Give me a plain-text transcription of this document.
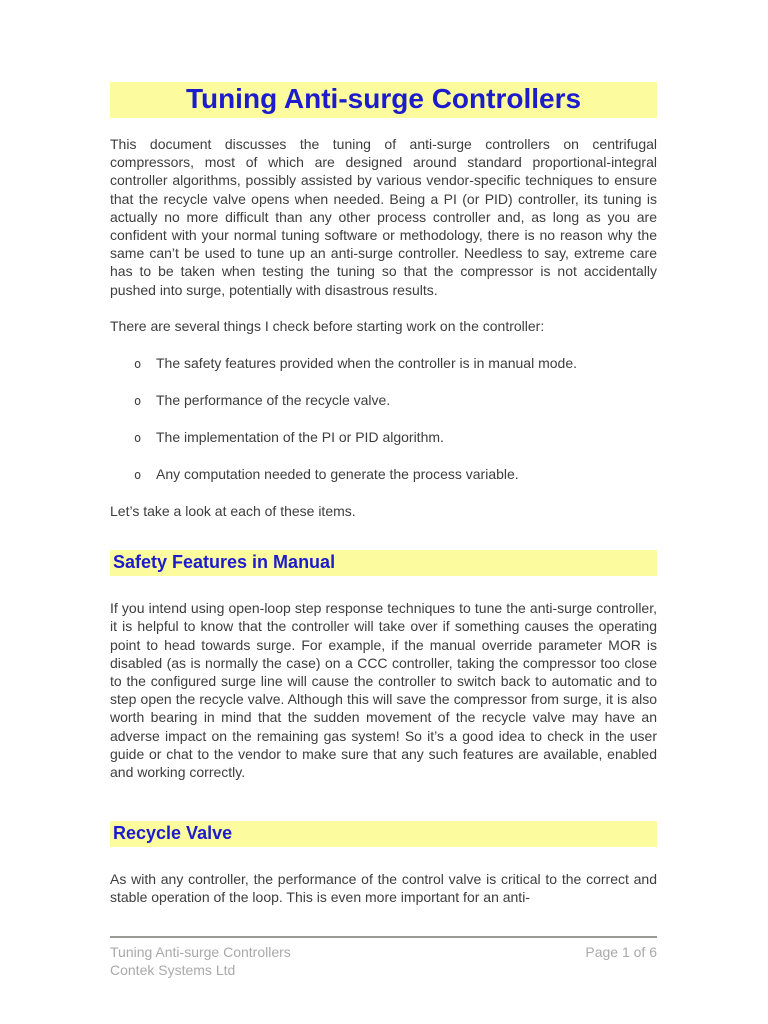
Tuning Anti-surge Controllers

This document discusses the tuning of anti-surge controllers on centrifugal compressors, most of which are designed around standard proportional-integral controller algorithms, possibly assisted by various vendor-specific techniques to ensure that the recycle valve opens when needed. Being a PI (or PID) controller, its tuning is actually no more difficult than any other process controller and, as long as you are confident with your normal tuning software or methodology, there is no reason why the same can’t be used to tune up an anti-surge controller. Needless to say, extreme care has to be taken when testing the tuning so that the compressor is not accidentally pushed into surge, potentially with disastrous results.

There are several things I check before starting work on the controller:

o	The safety features provided when the controller is in manual mode.
o	The performance of the recycle valve.
o	The implementation of the PI or PID algorithm.
o	Any computation needed to generate the process variable.

Let’s take a look at each of these items.

Safety Features in Manual

If you intend using open-loop step response techniques to tune the anti-surge controller, it is helpful to know that the controller will take over if something causes the operating point to head towards surge. For example, if the manual override parameter MOR is disabled (as is normally the case) on a CCC controller, taking the compressor too close to the configured surge line will cause the controller to switch back to automatic and to step open the recycle valve. Although this will save the compressor from surge, it is also worth bearing in mind that the sudden movement of the recycle valve may have an adverse impact on the remaining gas system! So it’s a good idea to check in the user guide or chat to the vendor to make sure that any such features are available, enabled and working correctly.

Recycle Valve

As with any controller, the performance of the control valve is critical to the correct and stable operation of the loop. This is even more important for an anti-

Tuning Anti-surge Controllers	Page 1 of 6
Contek Systems Ltd
